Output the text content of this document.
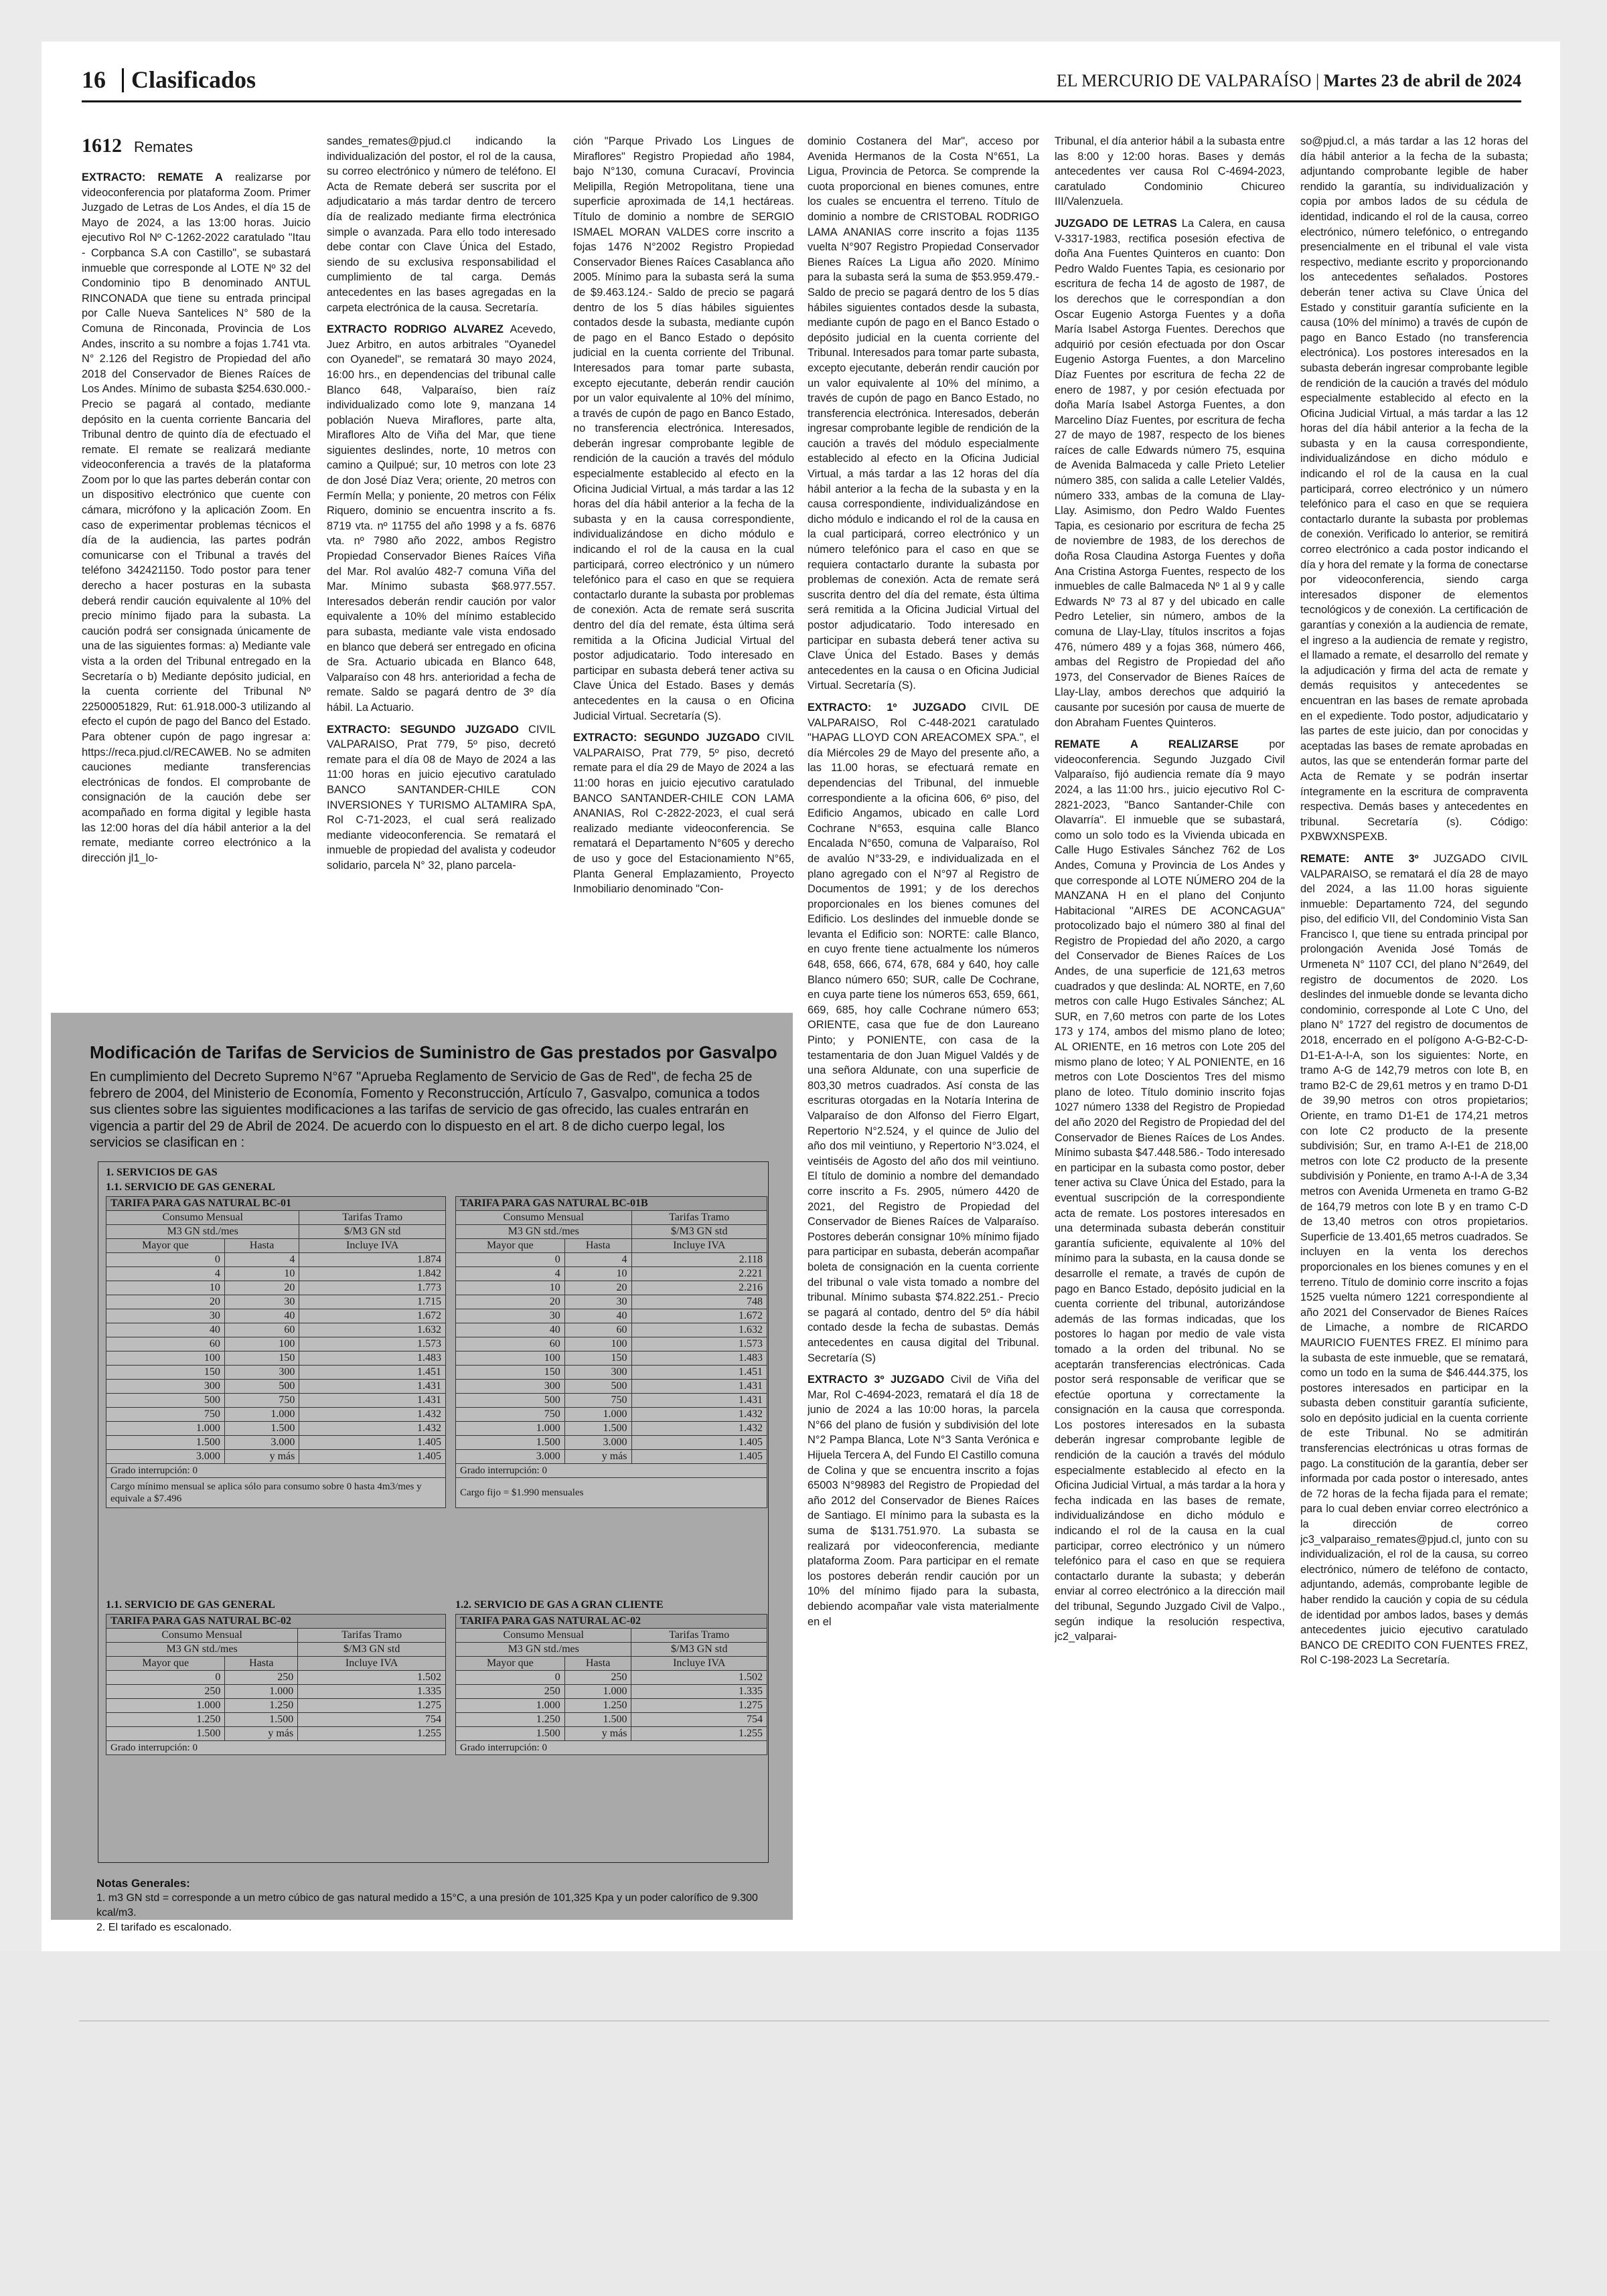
16 Clasificados	EL MERCURIO DE VALPARAÍSO | Martes 23 de abril de 2024
1612 Remates

EXTRACTO: REMATE A realizarse por videoconferencia por plataforma Zoom. Primer Juzgado de Letras de Los Andes, el día 15 de Mayo de 2024, a las 13:00 horas. Juicio ejecutivo Rol Nº C-1262-2022 caratulado "Itau - Corpbanca S.A con Castillo", se subastará inmueble que corresponde al LOTE Nº 32 del Condominio tipo B denominado ANTUL RINCONADA que tiene su entrada principal por Calle Nueva Santelices N° 580 de la Comuna de Rinconada, Provincia de Los Andes, inscrito a su nombre a fojas 1.741 vta. N° 2.126 del Registro de Propiedad del año 2018 del Conservador de Bienes Raíces de Los Andes. Mínimo de subasta $254.630.000.- Precio se pagará al contado, mediante depósito en la cuenta corriente Bancaria del Tribunal dentro de quinto día de efectuado el remate. El remate se realizará mediante videoconferencia a través de la plataforma Zoom por lo que las partes deberán contar con un dispositivo electrónico que cuente con cámara, micrófono y la aplicación Zoom. En caso de experimentar problemas técnicos el día de la audiencia, las partes podrán comunicarse con el Tribunal a través del teléfono 342421150. Todo postor para tener derecho a hacer posturas en la subasta deberá rendir caución equivalente al 10% del precio mínimo fijado para la subasta. La caución podrá ser consignada únicamente de una de las siguientes formas: a) Mediante vale vista a la orden del Tribunal entregado en la Secretaría o b) Mediante depósito judicial, en la cuenta corriente del Tribunal Nº 22500051829, Rut: 61.918.000-3 utilizando al efecto el cupón de pago del Banco del Estado. Para obtener cupón de pago ingresar a: https://reca.pjud.cl/RECAWEB. No se admiten cauciones mediante transferencias electrónicas de fondos. El comprobante de consignación de la caución debe ser acompañado en forma digital y legible hasta las 12:00 horas del día hábil anterior a la del remate, mediante correo electrónico a la dirección jl1_lo-

sandes_remates@pjud.cl indicando la individualización del postor, el rol de la causa, su correo electrónico y número de teléfono. El Acta de Remate deberá ser suscrita por el adjudicatario a más tardar dentro de tercero día de realizado mediante firma electrónica simple o avanzada. Para ello todo interesado debe contar con Clave Única del Estado, siendo de su exclusiva responsabilidad el cumplimiento de tal carga. Demás antecedentes en las bases agregadas en la carpeta electrónica de la causa. Secretaría.

EXTRACTO RODRIGO ALVAREZ Acevedo, Juez Arbitro, en autos arbitrales "Oyanedel con Oyanedel", se rematará 30 mayo 2024, 16:00 hrs., en dependencias del tribunal calle Blanco 648, Valparaíso, bien raíz individualizado como lote 9, manzana 14 población Nueva Miraflores, parte alta, Miraflores Alto de Viña del Mar, que tiene siguientes deslindes, norte, 10 metros con camino a Quilpué; sur, 10 metros con lote 23 de don José Díaz Vera; oriente, 20 metros con Fermín Mella; y poniente, 20 metros con Félix Riquero, dominio se encuentra inscrito a fs. 8719 vta. nº 11755 del año 1998 y a fs. 6876 vta. nº 7980 año 2022, ambos Registro Propiedad Conservador Bienes Raíces Viña del Mar. Rol avalúo 482-7 comuna Viña del Mar. Mínimo subasta $68.977.557. Interesados deberán rendir caución por valor equivalente a 10% del mínimo establecido para subasta, mediante vale vista endosado en blanco que deberá ser entregado en oficina de Sra. Actuario ubicada en Blanco 648, Valparaíso con 48 hrs. anterioridad a fecha de remate. Saldo se pagará dentro de 3º día hábil. La Actuario.

EXTRACTO: SEGUNDO JUZGADO CIVIL VALPARAISO, Prat 779, 5º piso, decretó remate para el día 08 de Mayo de 2024 a las 11:00 horas en juicio ejecutivo caratulado BANCO SANTANDER-CHILE CON INVERSIONES Y TURISMO ALTAMIRA SpA, Rol C-71-2023, el cual será realizado mediante videoconferencia. Se rematará el inmueble de propiedad del avalista y codeudor solidario, parcela N° 32, plano parcela-

ción "Parque Privado Los Lingues de Miraflores" Registro Propiedad año 1984, bajo N°130, comuna Curacaví, Provincia Melipilla, Región Metropolitana, tiene una superficie aproximada de 14,1 hectáreas. Título de dominio a nombre de SERGIO ISMAEL MORAN VALDES corre inscrito a fojas 1476 N°2002 Registro Propiedad Conservador Bienes Raíces Casablanca año 2005. Mínimo para la subasta será la suma de $9.463.124.- Saldo de precio se pagará dentro de los 5 días hábiles siguientes contados desde la subasta, mediante cupón de pago en el Banco Estado o depósito judicial en la cuenta corriente del Tribunal. Interesados para tomar parte subasta, excepto ejecutante, deberán rendir caución por un valor equivalente al 10% del mínimo, a través de cupón de pago en Banco Estado, no transferencia electrónica. Interesados, deberán ingresar comprobante legible de rendición de la caución a través del módulo especialmente establecido al efecto en la Oficina Judicial Virtual, a más tardar a las 12 horas del día hábil anterior a la fecha de la subasta y en la causa correspondiente, individualizándose en dicho módulo e indicando el rol de la causa en la cual participará, correo electrónico y un número telefónico para el caso en que se requiera contactarlo durante la subasta por problemas de conexión. Acta de remate será suscrita dentro del día del remate, ésta última será remitida a la Oficina Judicial Virtual del postor adjudicatario. Todo interesado en participar en subasta deberá tener activa su Clave Única del Estado. Bases y demás antecedentes en la causa o en Oficina Judicial Virtual. Secretaría (S).

EXTRACTO: SEGUNDO JUZGADO CIVIL VALPARAISO, Prat 779, 5º piso, decretó remate para el día 29 de Mayo de 2024 a las 11:00 horas en juicio ejecutivo caratulado BANCO SANTANDER-CHILE CON LAMA ANANIAS, Rol C-2822-2023, el cual será realizado mediante videoconferencia. Se rematará el Departamento N°605 y derecho de uso y goce del Estacionamiento N°65, Planta General Emplazamiento, Proyecto Inmobiliario denominado "Con-

dominio Costanera del Mar", acceso por Avenida Hermanos de la Costa N°651, La Ligua, Provincia de Petorca. Se comprende la cuota proporcional en bienes comunes, entre los cuales se encuentra el terreno. Título de dominio a nombre de CRISTOBAL RODRIGO LAMA ANANIAS corre inscrito a fojas 1135 vuelta N°907 Registro Propiedad Conservador Bienes Raíces La Ligua año 2020. Mínimo para la subasta será la suma de $53.959.479.- Saldo de precio se pagará dentro de los 5 días hábiles siguientes contados desde la subasta, mediante cupón de pago en el Banco Estado o depósito judicial en la cuenta corriente del Tribunal. Interesados para tomar parte subasta, excepto ejecutante, deberán rendir caución por un valor equivalente al 10% del mínimo, a través de cupón de pago en Banco Estado, no transferencia electrónica. Interesados, deberán ingresar comprobante legible de rendición de la caución a través del módulo especialmente establecido al efecto en la Oficina Judicial Virtual, a más tardar a las 12 horas del día hábil anterior a la fecha de la subasta y en la causa correspondiente, individualizándose en dicho módulo e indicando el rol de la causa en la cual participará, correo electrónico y un número telefónico para el caso en que se requiera contactarlo durante la subasta por problemas de conexión. Acta de remate será suscrita dentro del día del remate, ésta última será remitida a la Oficina Judicial Virtual del postor adjudicatario. Todo interesado en participar en subasta deberá tener activa su Clave Única del Estado. Bases y demás antecedentes en la causa o en Oficina Judicial Virtual. Secretaría (S).

EXTRACTO: 1º JUZGADO CIVIL DE VALPARAISO, Rol C-448-2021 caratulado "HAPAG LLOYD CON AREACOMEX SPA.", el día Miércoles 29 de Mayo del presente año, a las 11.00 horas, se efectuará remate en dependencias del Tribunal, del inmueble correspondiente a la oficina 606, 6º piso, del Edificio Angamos, ubicado en calle Lord Cochrane N°653, esquina calle Blanco Encalada N°650, comuna de Valparaíso, Rol de avalúo N°33-29, e individualizada en el plano agregado con el N°97 al Registro de Documentos de 1991; y de los derechos proporcionales en los bienes comunes del Edificio. Los deslindes del inmueble donde se levanta el Edificio son: NORTE: calle Blanco, en cuyo frente tiene actualmente los números 648, 658, 666, 674, 678, 684 y 640, hoy calle Blanco número 650; SUR, calle De Cochrane, en cuya parte tiene los números 653, 659, 661, 669, 685, hoy calle Cochrane número 653; ORIENTE, casa que fue de don Laureano Pinto; y PONIENTE, con casa de la testamentaria de don Juan Miguel Valdés y de una señora Aldunate, con una superficie de 803,30 metros cuadrados. Así consta de las escrituras otorgadas en la Notaría Interina de Valparaíso de don Alfonso del Fierro Elgart, Repertorio N°2.524, y el quince de Julio del año dos mil veintiuno, y Repertorio N°3.024, el veintiséis de Agosto del año dos mil veintiuno. El título de dominio a nombre del demandado corre inscrito a Fs. 2905, número 4420 de 2021, del Registro de Propiedad del Conservador de Bienes Raíces de Valparaíso. Postores deberán consignar 10% mínimo fijado para participar en subasta, deberán acompañar boleta de consignación en la cuenta corriente del tribunal o vale vista tomado a nombre del tribunal. Mínimo subasta $74.822.251.- Precio se pagará al contado, dentro del 5º día hábil contado desde la fecha de subastas. Demás antecedentes en causa digital del Tribunal. Secretaría (S)

EXTRACTO 3º JUZGADO Civil de Viña del Mar, Rol C-4694-2023, rematará el día 18 de junio de 2024 a las 10:00 horas, la parcela N°66 del plano de fusión y subdivisión del lote N°2 Pampa Blanca, Lote N°3 Santa Verónica e Hijuela Tercera A, del Fundo El Castillo comuna de Colina y que se encuentra inscrito a fojas 65003 N°98983 del Registro de Propiedad del año 2012 del Conservador de Bienes Raíces de Santiago. El mínimo para la subasta es la suma de $131.751.970. La subasta se realizará por videoconferencia, mediante plataforma Zoom. Para participar en el remate los postores deberán rendir caución por un 10% del mínimo fijado para la subasta, debiendo acompañar vale vista materialmente en el

Tribunal, el día anterior hábil a la subasta entre las 8:00 y 12:00 horas. Bases y demás antecedentes ver causa Rol C-4694-2023, caratulado Condominio Chicureo III/Valenzuela.

JUZGADO DE LETRAS La Calera, en causa V-3317-1983, rectifica posesión efectiva de doña Ana Fuentes Quinteros en cuanto: Don Pedro Waldo Fuentes Tapia, es cesionario por escritura de fecha 14 de agosto de 1987, de los derechos que le correspondían a don Oscar Eugenio Astorga Fuentes y a doña María Isabel Astorga Fuentes. Derechos que adquirió por cesión efectuada por don Oscar Eugenio Astorga Fuentes, a don Marcelino Díaz Fuentes por escritura de fecha 22 de enero de 1987, y por cesión efectuada por doña María Isabel Astorga Fuentes, a don Marcelino Díaz Fuentes, por escritura de fecha 27 de mayo de 1987, respecto de los bienes raíces de calle Edwards número 75, esquina de Avenida Balmaceda y calle Prieto Letelier número 385, con salida a calle Letelier Valdés, número 333, ambas de la comuna de Llay-Llay. Asimismo, don Pedro Waldo Fuentes Tapia, es cesionario por escritura de fecha 25 de noviembre de 1983, de los derechos de doña Rosa Claudina Astorga Fuentes y doña Ana Cristina Astorga Fuentes, respecto de los inmuebles de calle Balmaceda Nº 1 al 9 y calle Edwards Nº 73 al 87 y del ubicado en calle Pedro Letelier, sin número, ambos de la comuna de Llay-Llay, títulos inscritos a fojas 476, número 489 y a fojas 368, número 466, ambas del Registro de Propiedad del año 1973, del Conservador de Bienes Raíces de Llay-Llay, ambos derechos que adquirió la causante por sucesión por causa de muerte de don Abraham Fuentes Quinteros.

REMATE A REALIZARSE por videoconferencia. Segundo Juzgado Civil Valparaíso, fijó audiencia remate día 9 mayo 2024, a las 11:00 hrs., juicio ejecutivo Rol C-2821-2023, "Banco Santander-Chile con Olavarría". El inmueble que se subastará, como un solo todo es la Vivienda ubicada en Calle Hugo Estivales Sánchez 762 de Los Andes, Comuna y Provincia de Los Andes y que corresponde al LOTE NÚMERO 204 de la MANZANA H en el plano del Conjunto Habitacional "AIRES DE ACONCAGUA" protocolizado bajo el número 380 al final del Registro de Propiedad del año 2020, a cargo del Conservador de Bienes Raíces de Los Andes, de una superficie de 121,63 metros cuadrados y que deslinda: AL NORTE, en 7,60 metros con calle Hugo Estivales Sánchez; AL SUR, en 7,60 metros con parte de los Lotes 173 y 174, ambos del mismo plano de loteo; AL ORIENTE, en 16 metros con Lote 205 del mismo plano de loteo; Y AL PONIENTE, en 16 metros con Lote Doscientos Tres del mismo plano de loteo. Título dominio inscrito fojas 1027 número 1338 del Registro de Propiedad del año 2020 del Registro de Propiedad del del Conservador de Bienes Raíces de Los Andes. Mínimo subasta $47.448.586.- Todo interesado en participar en la subasta como postor, deber tener activa su Clave Única del Estado, para la eventual suscripción de la correspondiente acta de remate. Los postores interesados en una determinada subasta deberán constituir garantía suficiente, equivalente al 10% del mínimo para la subasta, en la causa donde se desarrolle el remate, a través de cupón de pago en Banco Estado, depósito judicial en la cuenta corriente del tribunal, autorizándose además de las formas indicadas, que los postores lo hagan por medio de vale vista tomado a la orden del tribunal. No se aceptarán transferencias electrónicas. Cada postor será responsable de verificar que se efectúe oportuna y correctamente la consignación en la causa que corresponda. Los postores interesados en la subasta deberán ingresar comprobante legible de rendición de la caución a través del módulo especialmente establecido al efecto en la Oficina Judicial Virtual, a más tardar a la hora y fecha indicada en las bases de remate, individualizándose en dicho módulo e indicando el rol de la causa en la cual participar, correo electrónico y un número telefónico para el caso en que se requiera contactarlo durante la subasta; y deberán enviar al correo electrónico a la dirección mail del tribunal, Segundo Juzgado Civil de Valpo., según indique la resolución respectiva, jc2_valparai-

so@pjud.cl, a más tardar a las 12 horas del día hábil anterior a la fecha de la subasta; adjuntando comprobante legible de haber rendido la garantía, su individualización y copia por ambos lados de su cédula de identidad, indicando el rol de la causa, correo electrónico, número telefónico, o entregando presencialmente en el tribunal el vale vista respectivo, mediante escrito y proporcionando los antecedentes señalados. Postores deberán tener activa su Clave Única del Estado y constituir garantía suficiente en la causa (10% del mínimo) a través de cupón de pago en Banco Estado (no transferencia electrónica). Los postores interesados en la subasta deberán ingresar comprobante legible de rendición de la caución a través del módulo especialmente establecido al efecto en la Oficina Judicial Virtual, a más tardar a las 12 horas del día hábil anterior a la fecha de la subasta y en la causa correspondiente, individualizándose en dicho módulo e indicando el rol de la causa en la cual participará, correo electrónico y un número telefónico para el caso en que se requiera contactarlo durante la subasta por problemas de conexión. Verificado lo anterior, se remitirá correo electrónico a cada postor indicando el día y hora del remate y la forma de conectarse por videoconferencia, siendo carga interesados disponer de elementos tecnológicos y de conexión. La certificación de garantías y conexión a la audiencia de remate, el ingreso a la audiencia de remate y registro, el llamado a remate, el desarrollo del remate y la adjudicación y firma del acta de remate y demás requisitos y antecedentes se encuentran en las bases de remate aprobada en el expediente. Todo postor, adjudicatario y las partes de este juicio, dan por conocidas y aceptadas las bases de remate aprobadas en autos, las que se entenderán formar parte del Acta de Remate y se podrán insertar íntegramente en la escritura de compraventa respectiva. Demás bases y antecedentes en tribunal. Secretaría (s). Código: PXBWXNSPEXB.

REMATE: ANTE 3º JUZGADO CIVIL VALPARAISO, se rematará el día 28 de mayo del 2024, a las 11.00 horas siguiente inmueble: Departamento 724, del segundo piso, del edificio VII, del Condominio Vista San Francisco I, que tiene su entrada principal por prolongación Avenida José Tomás de Urmeneta N° 1107 CCI, del plano N°2649, del registro de documentos de 2020. Los deslindes del inmueble donde se levanta dicho condominio, corresponde al Lote C Uno, del plano N° 1727 del registro de documentos de 2018, encerrado en el polígono A-G-B2-C-D-D1-E1-A-I-A, son los siguientes: Norte, en tramo A-G de 142,79 metros con lote B, en tramo B2-C de 29,61 metros y en tramo D-D1 de 39,90 metros con otros propietarios; Oriente, en tramo D1-E1 de 174,21 metros con lote C2 producto de la presente subdivisión; Sur, en tramo A-I-E1 de 218,00 metros con lote C2 producto de la presente subdivisión y Poniente, en tramo A-I-A de 3,34 metros con Avenida Urmeneta en tramo G-B2 de 164,79 metros con lote B y en tramo C-D de 13,40 metros con otros propietarios. Superficie de 13.401,65 metros cuadrados. Se incluyen en la venta los derechos proporcionales en los bienes comunes y en el terreno. Título de dominio corre inscrito a fojas 1525 vuelta número 1221 correspondiente al año 2021 del Conservador de Bienes Raíces de Limache, a nombre de RICARDO MAURICIO FUENTES FREZ. El mínimo para la subasta de este inmueble, que se rematará, como un todo en la suma de $46.444.375, los postores interesados en participar en la subasta deben constituir garantía suficiente, solo en depósito judicial en la cuenta corriente de este Tribunal. No se admitirán transferencias electrónicas u otras formas de pago. La constitución de la garantía, deber ser informada por cada postor o interesado, antes de 72 horas de la fecha fijada para el remate; para lo cual deben enviar correo electrónico a la dirección de correo jc3_valparaiso_remates@pjud.cl, junto con su individualización, el rol de la causa, su correo electrónico, número de teléfono de contacto, adjuntando, además, comprobante legible de haber rendido la caución y copia de su cédula de identidad por ambos lados, bases y demás antecedentes juicio ejecutivo caratulado BANCO DE CREDITO CON FUENTES FREZ, Rol C-198-2023 La Secretaría.

Modificación de Tarifas de Servicios de Suministro de Gas prestados por Gasvalpo
En cumplimiento del Decreto Supremo N°67 "Aprueba Reglamento de Servicio de Gas de Red", de fecha 25 de febrero de 2004, del Ministerio de Economía, Fomento y Reconstrucción, Artículo 7, Gasvalpo, comunica a todos sus clientes sobre las siguientes modificaciones a las tarifas de servicio de gas ofrecido, las cuales entrarán en vigencia a partir del 29 de Abril de 2024. De acuerdo con lo dispuesto en el art. 8 de dicho cuerpo legal, los servicios se clasifican en :
1. SERVICIOS DE GAS
1.1. SERVICIO DE GAS GENERAL
TARIFA PARA GAS NATURAL BC-01		
Consumo Mensual		Tarifas Tramo
M3 GN std./mes		$/M3 GN std
Mayor que	Hasta	Incluye IVA
0	4	1.874
4	10	1.842
10	20	1.773
20	30	1.715
30	40	1.672
40	60	1.632
60	100	1.573
100	150	1.483
150	300	1.451
300	500	1.431
500	750	1.431
750	1.000	1.432
1.000	1.500	1.432
1.500	3.000	1.405
3.000	y más	1.405
Grado interrupción: 0		
Cargo mínimo mensual se aplica sólo para consumo sobre 0 hasta 4m3/mes y equivale a $7.496		
TARIFA PARA GAS NATURAL BC-01B		
Consumo Mensual		Tarifas Tramo
M3 GN std./mes		$/M3 GN std
Mayor que	Hasta	Incluye IVA
0	4	2.118
4	10	2.221
10	20	2.216
20	30	748
30	40	1.672
40	60	1.632
60	100	1.573
100	150	1.483
150	300	1.451
300	500	1.431
500	750	1.431
750	1.000	1.432
1.000	1.500	1.432
1.500	3.000	1.405
3.000	y más	1.405
Grado interrupción: 0		
Cargo fijo = $1.990 mensuales		
1.1. SERVICIO DE GAS GENERAL	1.2. SERVICIO DE GAS A GRAN CLIENTE
TARIFA PARA GAS NATURAL BC-02		
Consumo Mensual		Tarifas Tramo
M3 GN std./mes		$/M3 GN std
Mayor que	Hasta	Incluye IVA
0	250	1.502
250	1.000	1.335
1.000	1.250	1.275
1.250	1.500	754
1.500	y más	1.255
Grado interrupción: 0		
TARIFA PARA GAS NATURAL AC-02		
Consumo Mensual		Tarifas Tramo
M3 GN std./mes		$/M3 GN std
Mayor que	Hasta	Incluye IVA
0	250	1.502
250	1.000	1.335
1.000	1.250	1.275
1.250	1.500	754
1.500	y más	1.255
Grado interrupción: 0		
Notas Generales:
1. m3 GN std = corresponde a un metro cúbico de gas natural medido a 15°C, a una presión de 101,325 Kpa y un poder calorífico de 9.300 kcal/m3.
2. El tarifado es escalonado.
